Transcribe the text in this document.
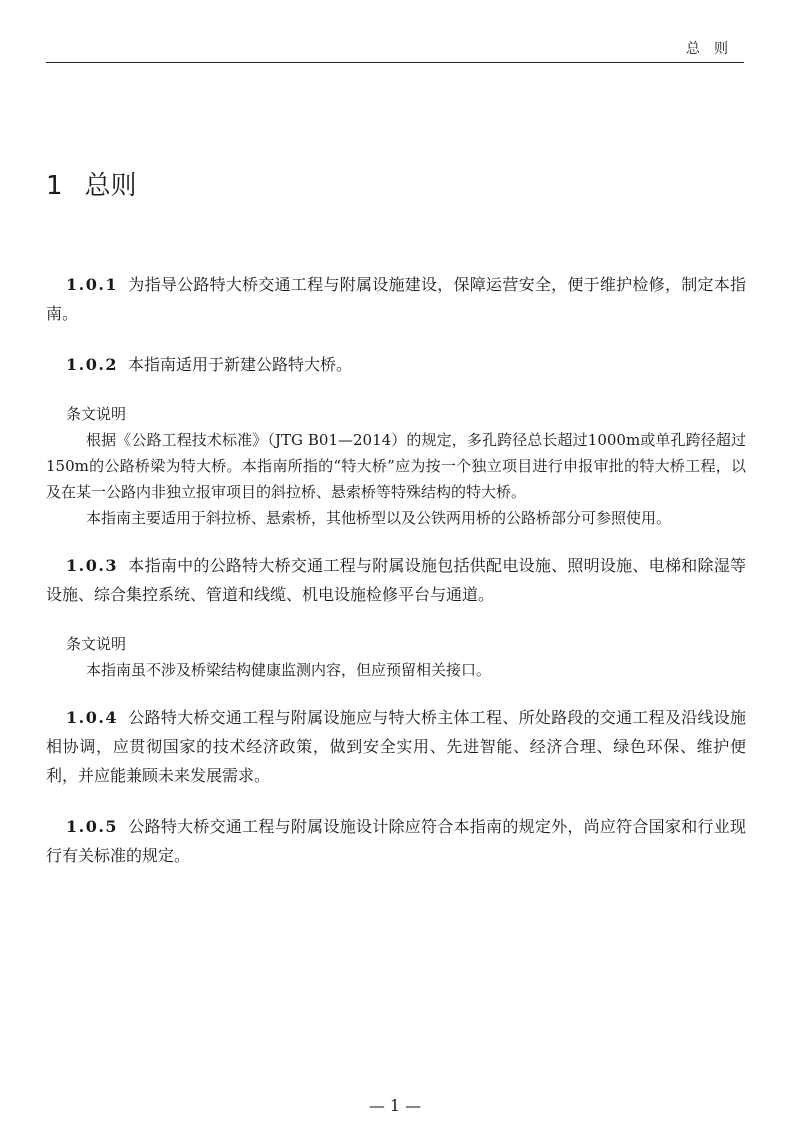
总则
1 总则

1.0.1 为指导公路特大桥交通工程与附属设施建设，保障运营安全，便于维护检修，制定本指南。

1.0.2 本指南适用于新建公路特大桥。

条文说明

根据《公路工程技术标准》（JTG B01—2014）的规定，多孔跨径总长超过1000m或单孔跨径超过150m的公路桥梁为特大桥。本指南所指的“特大桥”应为按一个独立项目进行申报审批的特大桥工程，以及在某一公路内非独立报审项目的斜拉桥、悬索桥等特殊结构的特大桥。

本指南主要适用于斜拉桥、悬索桥，其他桥型以及公铁两用桥的公路桥部分可参照使用。

1.0.3 本指南中的公路特大桥交通工程与附属设施包括供配电设施、照明设施、电梯和除湿等设施、综合集控系统、管道和线缆、机电设施检修平台与通道。

条文说明

本指南虽不涉及桥梁结构健康监测内容，但应预留相关接口。

1.0.4 公路特大桥交通工程与附属设施应与特大桥主体工程、所处路段的交通工程及沿线设施相协调，应贯彻国家的技术经济政策，做到安全实用、先进智能、经济合理、绿色环保、维护便利，并应能兼顾未来发展需求。

1.0.5 公路特大桥交通工程与附属设施设计除应符合本指南的规定外，尚应符合国家和行业现行有关标准的规定。

— 1 —
